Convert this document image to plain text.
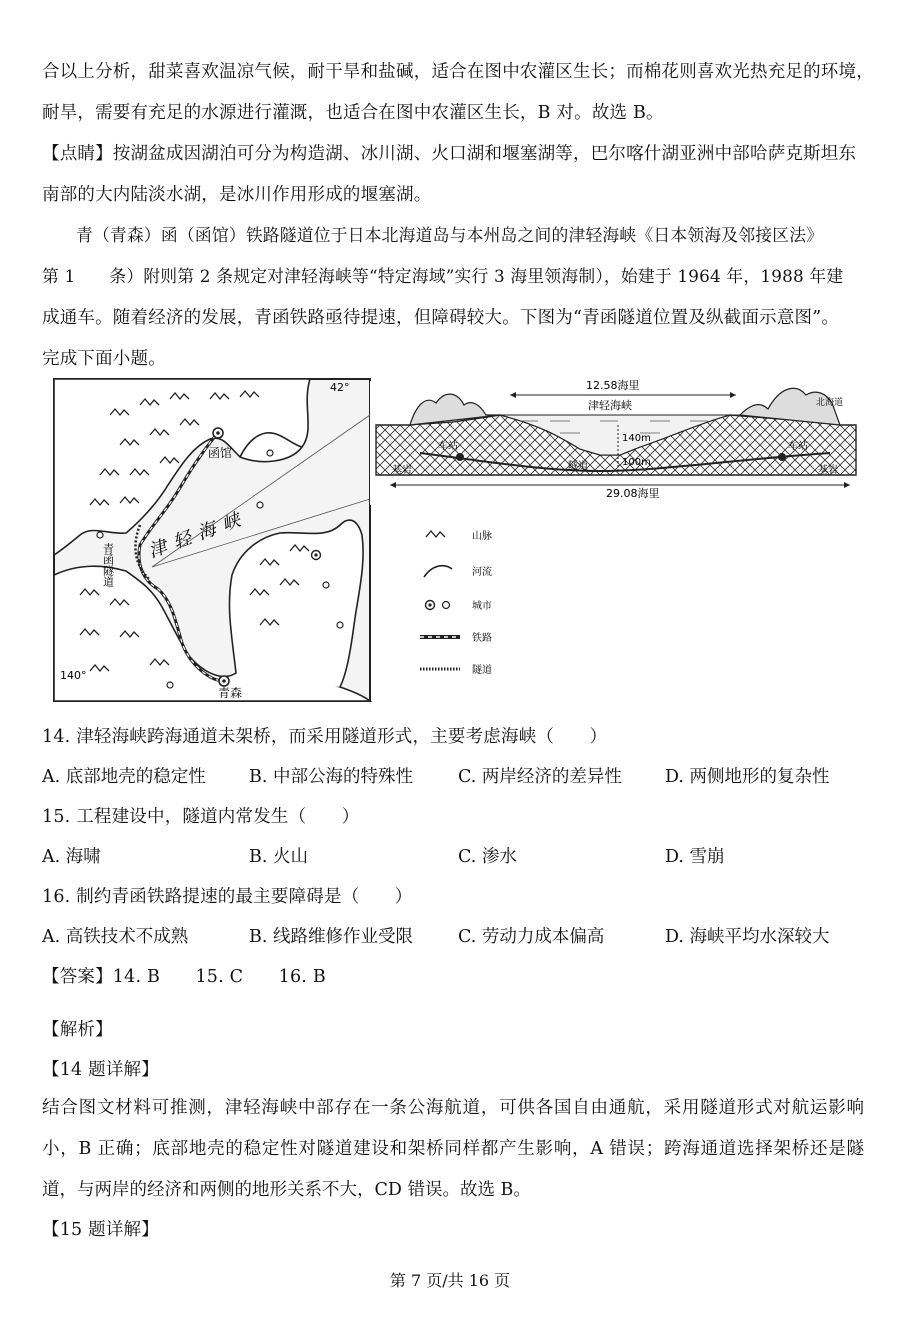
合以上分析，甜菜喜欢温凉气候，耐干旱和盐碱，适合在图中农灌区生长；而棉花则喜欢光热充足的环境，
耐旱，需要有充足的水源进行灌溉，也适合在图中农灌区生长，B 对。故选 B。
【点睛】按湖盆成因湖泊可分为构造湖、冰川湖、火口湖和堰塞湖等，巴尔喀什湖亚洲中部哈萨克斯坦东
南部的大内陆淡水湖，是冰川作用形成的堰塞湖。
青（青森）函（函馆）铁路隧道位于日本北海道岛与本州岛之间的津轻海峡《日本领海及邻接区法》
第 1　　条）附则第 2 条规定对津轻海峡等“特定海域”实行 3 海里领海制），始建于 1964 年，1988 年建
成通车。随着经济的发展，青函铁路亟待提速，但障碍较大。下图为“青函隧道位置及纵截面示意图”。
完成下面小题。
42°
140°
函馆
青森
青函隧道
12.58海里
津轻海峡
140m
100m
车站	车站
隧道
基岩	基岩
29.08海里
北海道
山脉
河流
城市
铁路
隧道
14. 津轻海峡跨海通道未架桥，而采用隧道形式，主要考虑海峡（　　）
A. 底部地壳的稳定性	B. 中部公海的特殊性	C. 两岸经济的差异性	D. 两侧地形的复杂性
15. 工程建设中，隧道内常发生（　　）
A. 海啸	B. 火山	C. 渗水	D. 雪崩
16. 制约青函铁路提速的最主要障碍是（　　）
A. 高铁技术不成熟	B. 线路维修作业受限	C. 劳动力成本偏高	D. 海峡平均水深较大
【答案】14. B　　15. C　　16. B
【解析】
【14 题详解】
结合图文材料可推测，津轻海峡中部存在一条公海航道，可供各国自由通航，采用隧道形式对航运影响小，B 正确；底部地壳的稳定性对隧道建设和架桥同样都产生影响，A 错误；跨海通道选择架桥还是隧道，与两岸的经济和两侧的地形关系不大，CD 错误。故选 B。
【15 题详解】
第 7 页/共 16 页
